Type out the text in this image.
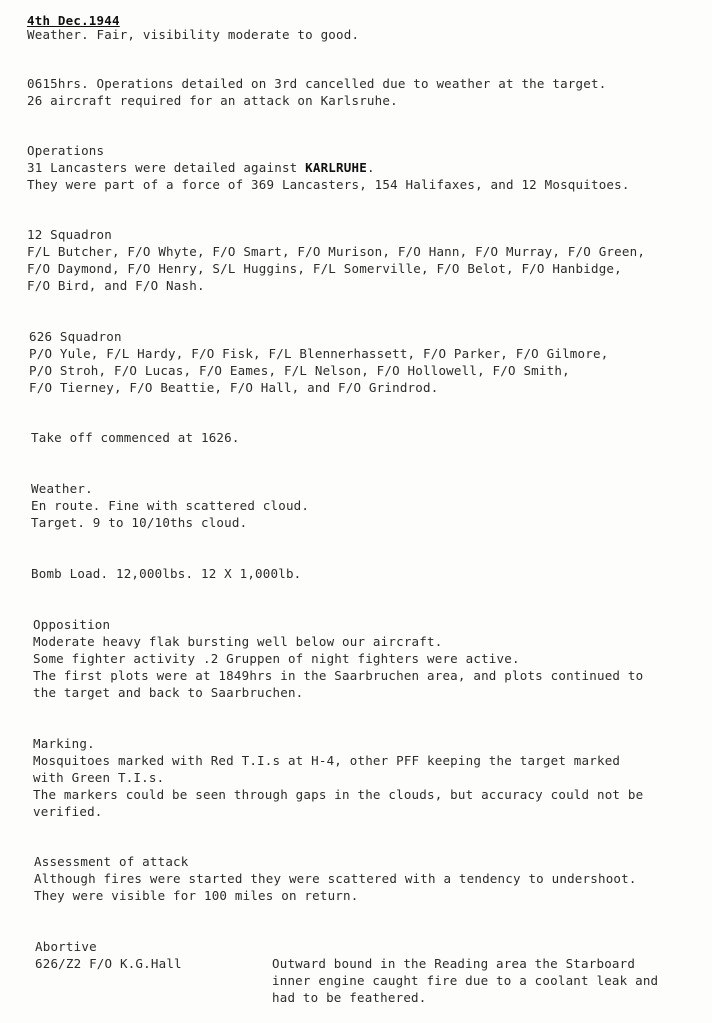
4th Dec.1944
Weather. Fair, visibility moderate to good.
0615hrs. Operations detailed on 3rd cancelled due to weather at the target.
26 aircraft required for an attack on Karlsruhe.
Operations
31 Lancasters were detailed against KARLRUHE.
They were part of a force of 369 Lancasters, 154 Halifaxes, and 12 Mosquitoes.
12 Squadron
F/L Butcher, F/O Whyte, F/O Smart, F/O Murison, F/O Hann, F/O Murray, F/O Green,
F/O Daymond, F/O Henry, S/L Huggins, F/L Somerville, F/O Belot, F/O Hanbidge,
F/O Bird, and F/O Nash.
626 Squadron
P/O Yule, F/L Hardy, F/O Fisk, F/L Blennerhassett, F/O Parker, F/O Gilmore,
P/O Stroh, F/O Lucas, F/O Eames, F/L Nelson, F/O Hollowell, F/O Smith,
F/O Tierney, F/O Beattie, F/O Hall, and F/O Grindrod.
Take off commenced at 1626.
Weather.
En route. Fine with scattered cloud.
Target. 9 to 10/10ths cloud.
Bomb Load. 12,000lbs. 12 X 1,000lb.
Opposition
Moderate heavy flak bursting well below our aircraft.
Some fighter activity .2 Gruppen of night fighters were active.
The first plots were at 1849hrs in the Saarbruchen area, and plots continued to
the target and back to Saarbruchen.
Marking.
Mosquitoes marked with Red T.I.s at H-4, other PFF keeping the target marked
with Green T.I.s.
The markers could be seen through gaps in the clouds, but accuracy could not be
verified.
Assessment of attack
Although fires were started they were scattered with a tendency to undershoot.
They were visible for 100 miles on return.
Abortive
626/Z2 F/O K.G.Hall	Outward bound in the Reading area the Starboard
inner engine caught fire due to a coolant leak and
had to be feathered.
